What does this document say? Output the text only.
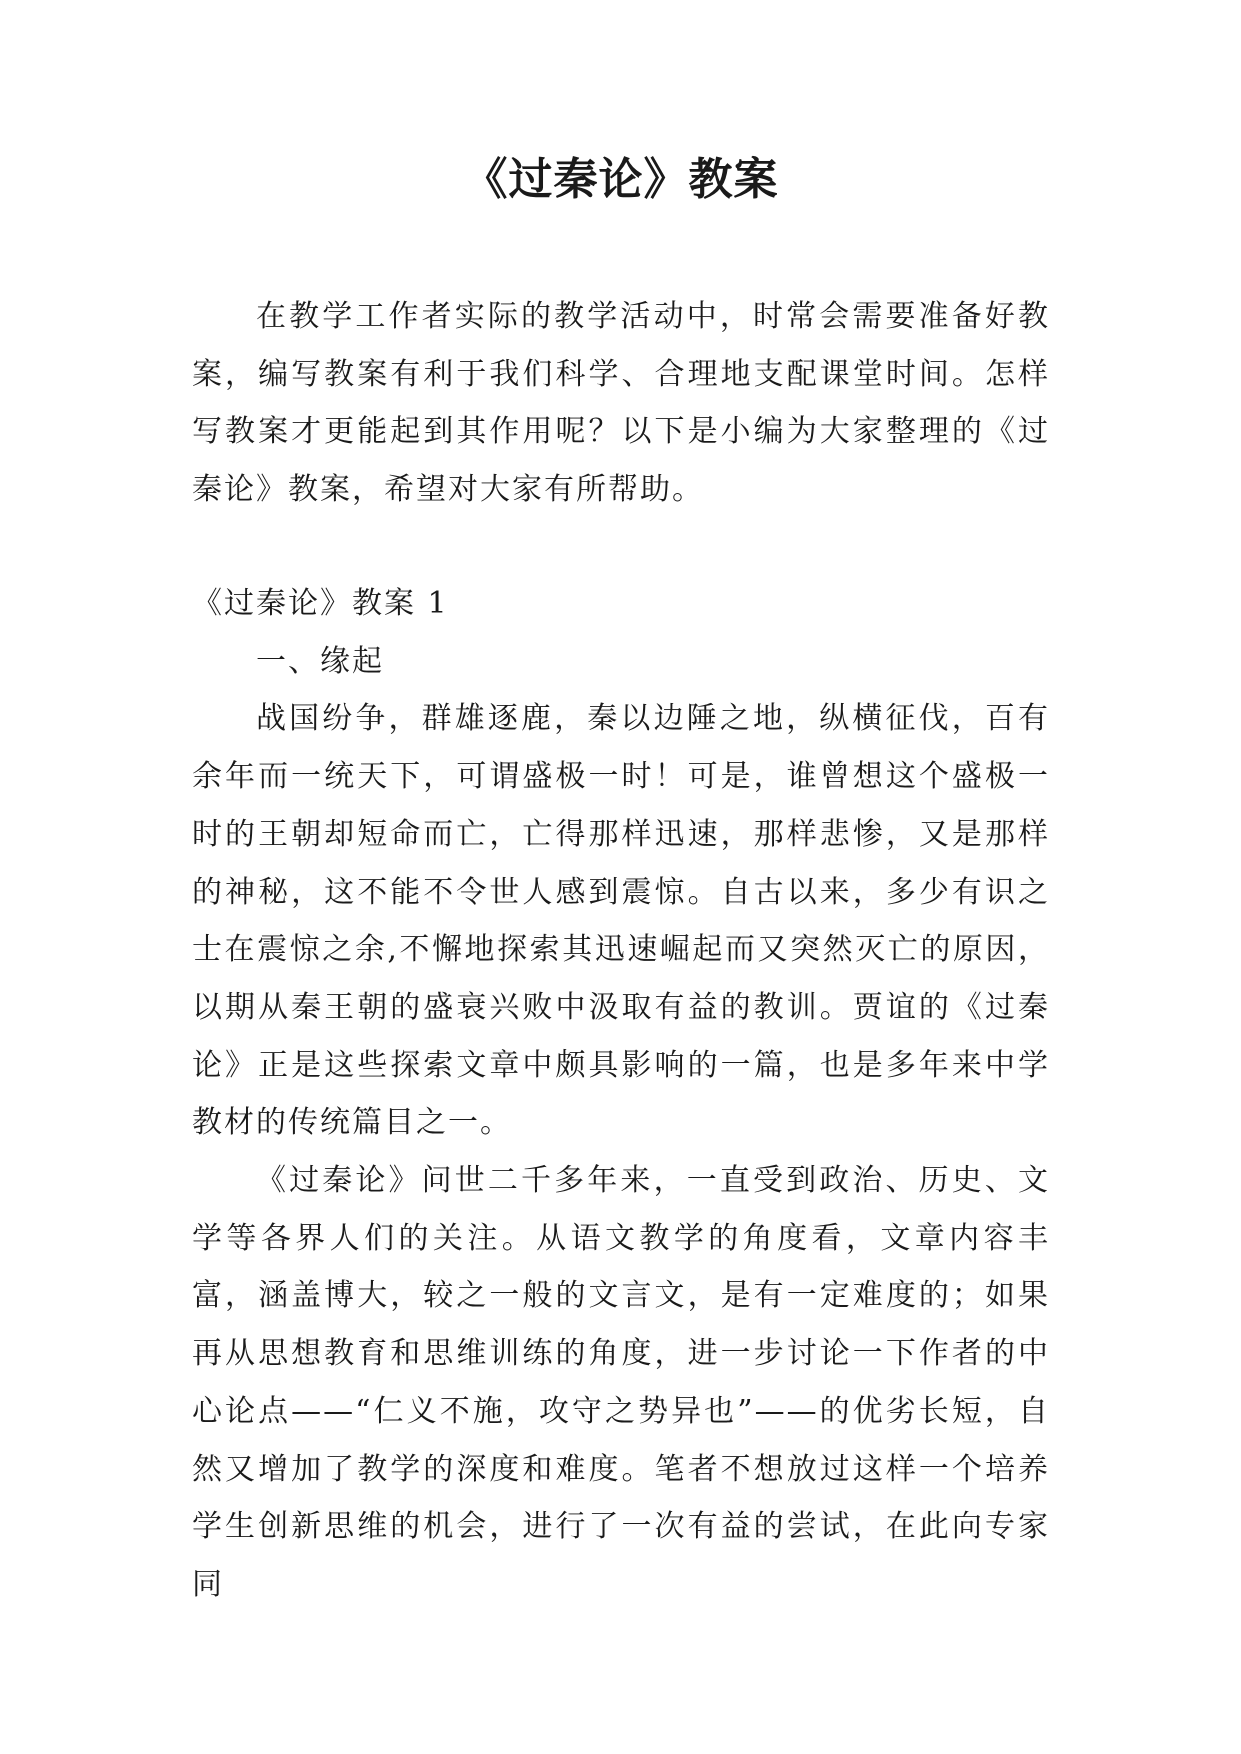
《过秦论》教案

在教学工作者实际的教学活动中，时常会需要准备好教案，编写教案有利于我们科学、合理地支配课堂时间。怎样写教案才更能起到其作用呢？以下是小编为大家整理的《过秦论》教案，希望对大家有所帮助。

《过秦论》教案 1

一、缘起

战国纷争，群雄逐鹿，秦以边陲之地，纵横征伐，百有余年而一统天下，可谓盛极一时！可是，谁曾想这个盛极一时的王朝却短命而亡，亡得那样迅速，那样悲惨，又是那样的神秘，这不能不令世人感到震惊。自古以来，多少有识之士在震惊之余,不懈地探索其迅速崛起而又突然灭亡的原因，以期从秦王朝的盛衰兴败中汲取有益的教训。贾谊的《过秦论》正是这些探索文章中颇具影响的一篇，也是多年来中学教材的传统篇目之一。

《过秦论》问世二千多年来，一直受到政治、历史、文学等各界人们的关注。从语文教学的角度看，文章内容丰富，涵盖博大，较之一般的文言文，是有一定难度的；如果再从思想教育和思维训练的角度，进一步讨论一下作者的中心论点——“仁义不施，攻守之势异也”——的优劣长短，自然又增加了教学的深度和难度。笔者不想放过这样一个培养学生创新思维的机会，进行了一次有益的尝试，在此向专家同
